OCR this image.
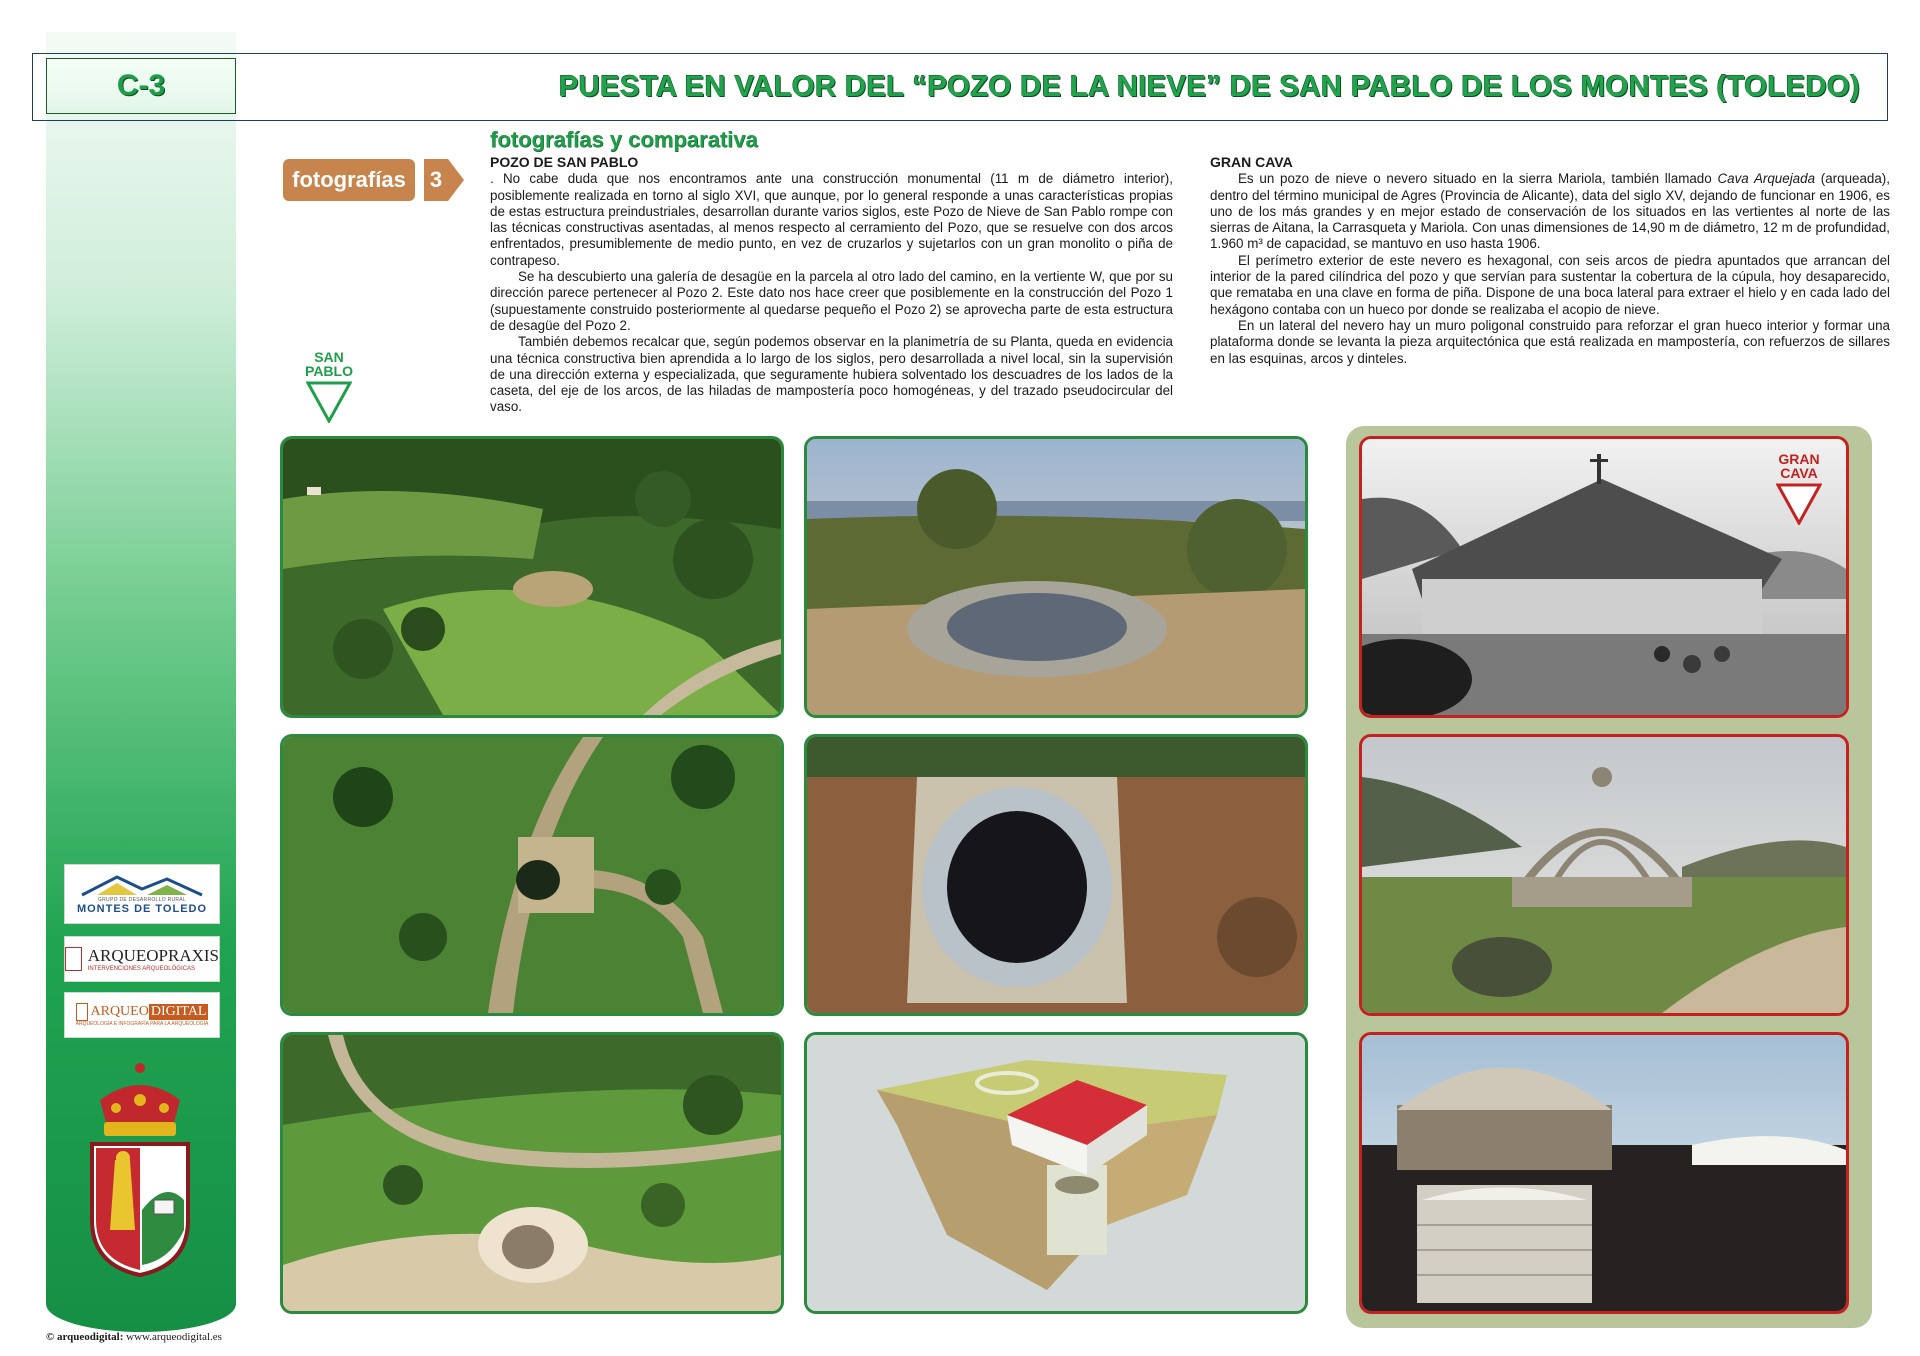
C-3	PUESTA EN VALOR DEL “POZO DE LA NIEVE” DE SAN PABLO DE LOS MONTES (TOLEDO)
fotografías	3
fotografías y comparativa
POZO DE SAN PABLO

. No cabe duda que nos encontramos ante una construcción monumental (11 m de diámetro interior), posiblemente realizada en torno al siglo XVI, que aunque, por lo general responde a unas características propias de estas estructura preindustriales, desarrollan durante varios siglos, este Pozo de Nieve de San Pablo rompe con las técnicas constructivas asentadas, al menos respecto al cerramiento del Pozo, que se resuelve con dos arcos enfrentados, presumiblemente de medio punto, en vez de cruzarlos y sujetarlos con un gran monolito o piña de contrapeso.

Se ha descubierto una galería de desagüe en la parcela al otro lado del camino, en la vertiente W, que por su dirección parece pertenecer al Pozo 2. Este dato nos hace creer que posiblemente en la construcción del Pozo 1 (supuestamente construido posteriormente al quedarse pequeño el Pozo 2) se aprovecha parte de esta estructura de desagüe del Pozo 2.

También debemos recalcar que, según podemos observar en la planimetría de su Planta, queda en evidencia una técnica constructiva bien aprendida a lo largo de los siglos, pero desarrollada a nivel local, sin la supervisión de una dirección externa y especializada, que seguramente hubiera solventado los descuadres de los lados de la caseta, del eje de los arcos, de las hiladas de mampostería poco homogéneas, y del trazado pseudocircular del vaso.

GRAN CAVA

Es un pozo de nieve o nevero situado en la sierra Mariola, también llamado Cava Arquejada (arqueada), dentro del término municipal de Agres (Provincia de Alicante), data del siglo XV, dejando de funcionar en 1906, es uno de los más grandes y en mejor estado de conservación de los situados en las vertientes al norte de las sierras de Aitana, la Carrasqueta y Mariola. Con unas dimensiones de 14,90 m de diámetro, 12 m de profundidad, 1.960 m³ de capacidad, se mantuvo en uso hasta 1906.

El perímetro exterior de este nevero es hexagonal, con seis arcos de piedra apuntados que arrancan del interior de la pared cilíndrica del pozo y que servían para sustentar la cobertura de la cúpula, hoy desaparecido, que remataba en una clave en forma de piña. Dispone de una boca lateral para extraer el hielo y en cada lado del hexágono contaba con un hueco por donde se realizaba el acopio de nieve.

En un lateral del nevero hay un muro poligonal construido para reforzar el gran hueco interior y formar una plataforma donde se levanta la pieza arquitectónica que está realizada en mampostería, con refuerzos de sillares en las esquinas, arcos y dinteles.

SAN
PABLO
GRAN
CAVA
GRUPO DE DESARROLLO RURAL
MONTES DE TOLEDO
ARQUEOPRAXIS
INTERVENCIONES ARQUEOLÓGICAS
ARQUEO DIGITAL
ARQUEOLOGÍA E INFOGRAFÍA PARA LA ARQUEOLOGÍA
© arqueodigital: www.arqueodigital.es
